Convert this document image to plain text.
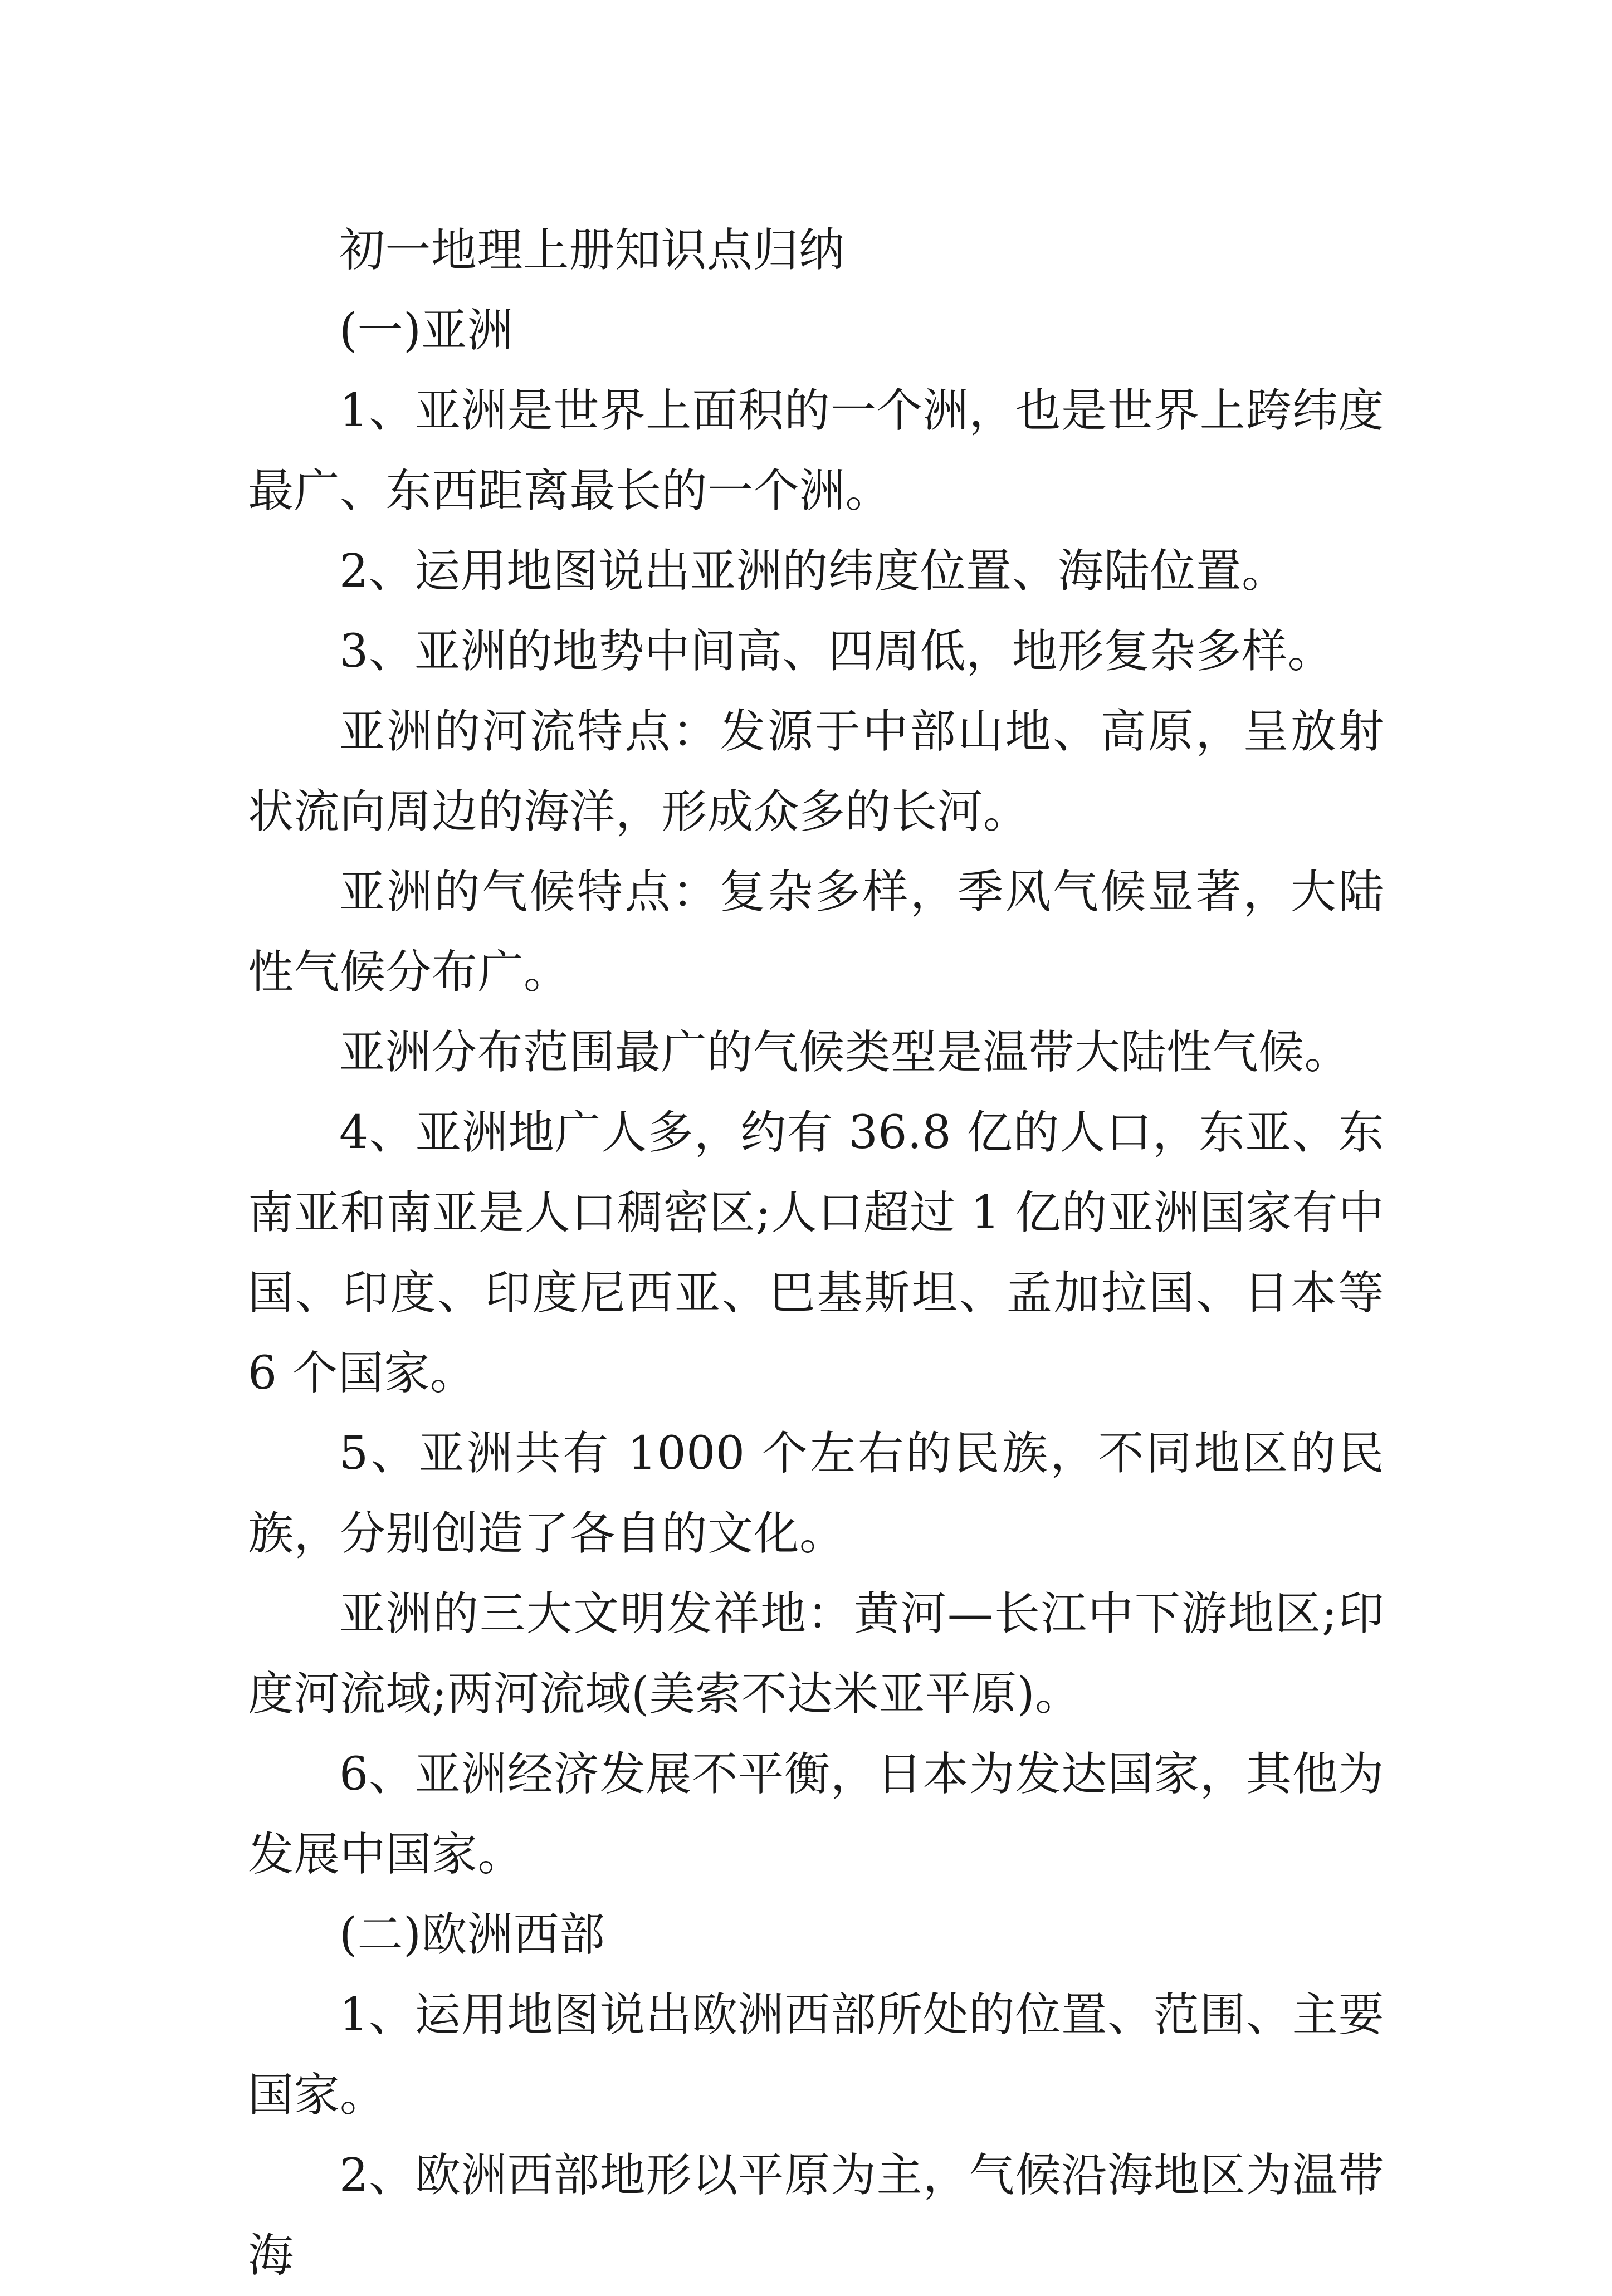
初一地理上册知识点归纳

(一)亚洲

1、亚洲是世界上面积的一个洲，也是世界上跨纬度最广、东西距离最长的一个洲。

2、运用地图说出亚洲的纬度位置、海陆位置。

3、亚洲的地势中间高、四周低，地形复杂多样。

亚洲的河流特点：发源于中部山地、高原，呈放射状流向周边的海洋，形成众多的长河。

亚洲的气候特点：复杂多样，季风气候显著，大陆性气候分布广。

亚洲分布范围最广的气候类型是温带大陆性气候。

4、亚洲地广人多，约有 36.8 亿的人口，东亚、东南亚和南亚是人口稠密区;人口超过 1 亿的亚洲国家有中国、印度、印度尼西亚、巴基斯坦、孟加拉国、日本等 6 个国家。

5、亚洲共有 1000 个左右的民族，不同地区的民族，分别创造了各自的文化。

亚洲的三大文明发祥地：黄河—长江中下游地区;印度河流域;两河流域(美索不达米亚平原)。

6、亚洲经济发展不平衡，日本为发达国家，其他为发展中国家。

(二)欧洲西部

1、运用地图说出欧洲西部所处的位置、范围、主要国家。

2、欧洲西部地形以平原为主，气候沿海地区为温带海
